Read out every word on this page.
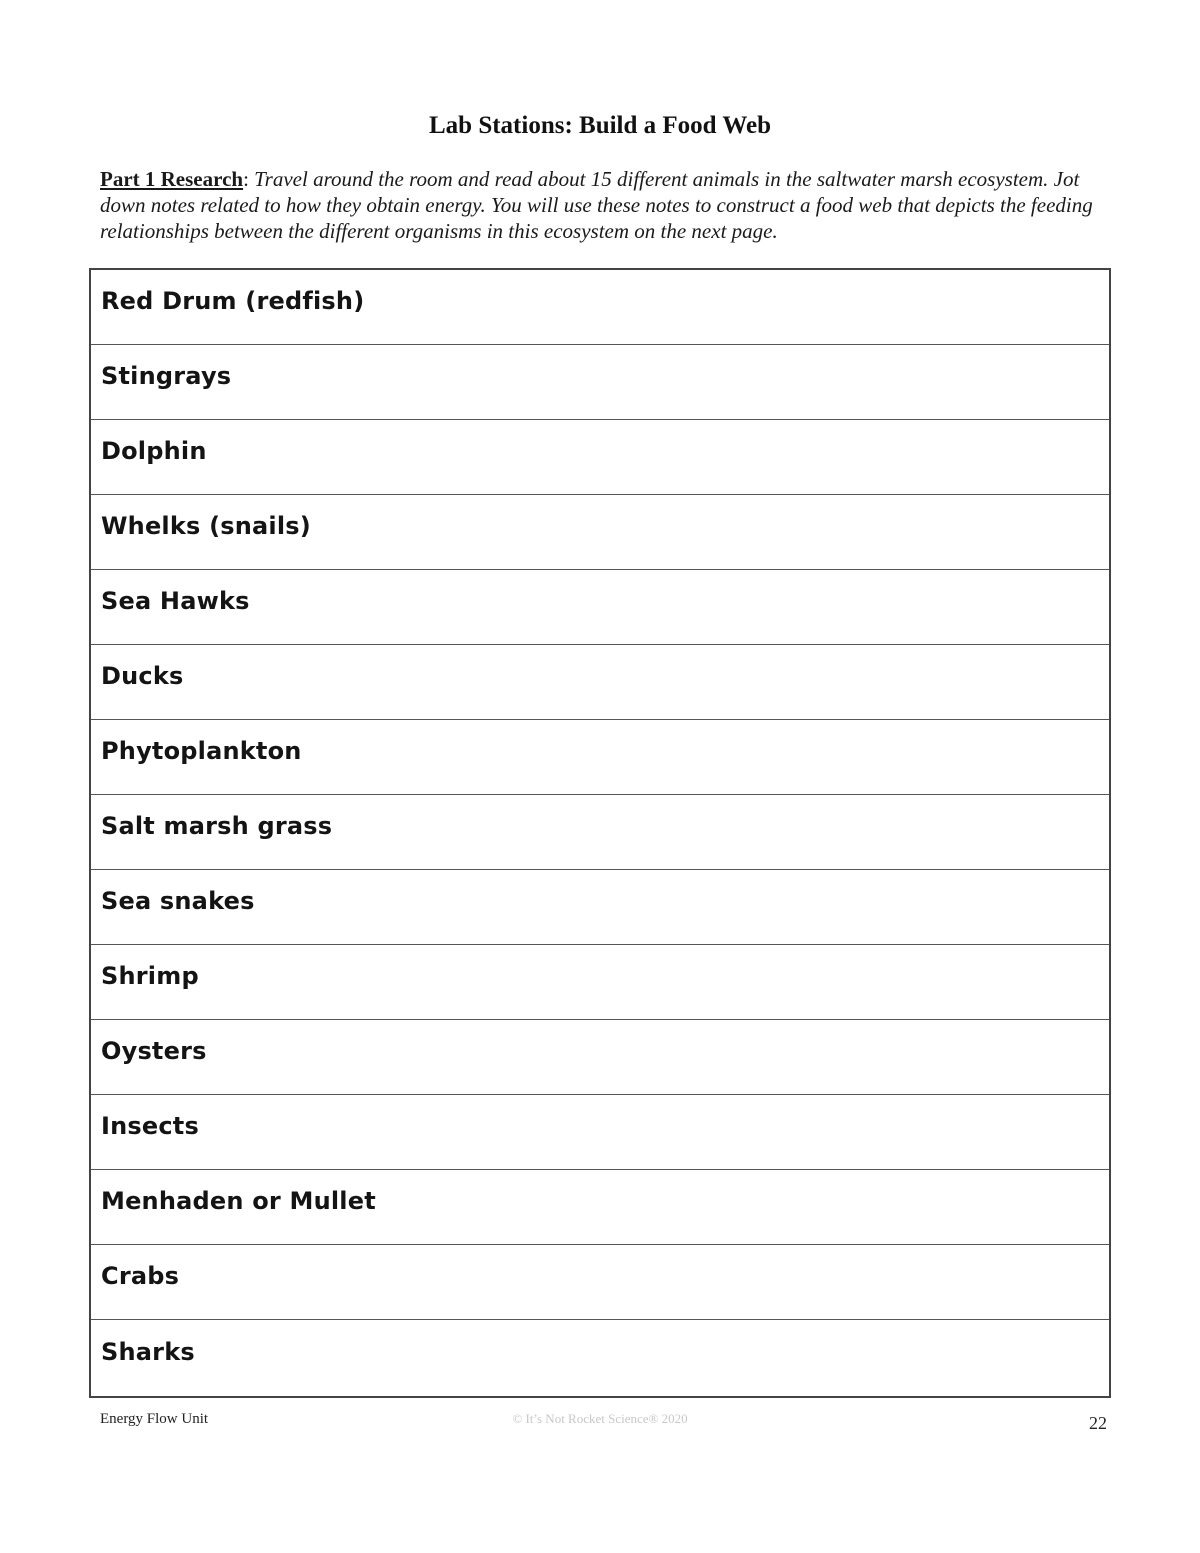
Lab Stations: Build a Food Web
Part 1 Research: Travel around the room and read about 15 different animals in the saltwater marsh ecosystem. Jot down notes related to how they obtain energy. You will use these notes to construct a food web that depicts the feeding relationships between the different organisms in this ecosystem on the next page.
Red Drum (redfish)
Stingrays
Dolphin
Whelks (snails)
Sea Hawks
Ducks
Phytoplankton
Salt marsh grass
Sea snakes
Shrimp
Oysters
Insects
Menhaden or Mullet
Crabs
Sharks
Energy Flow Unit	© It’s Not Rocket Science® 2020	22
